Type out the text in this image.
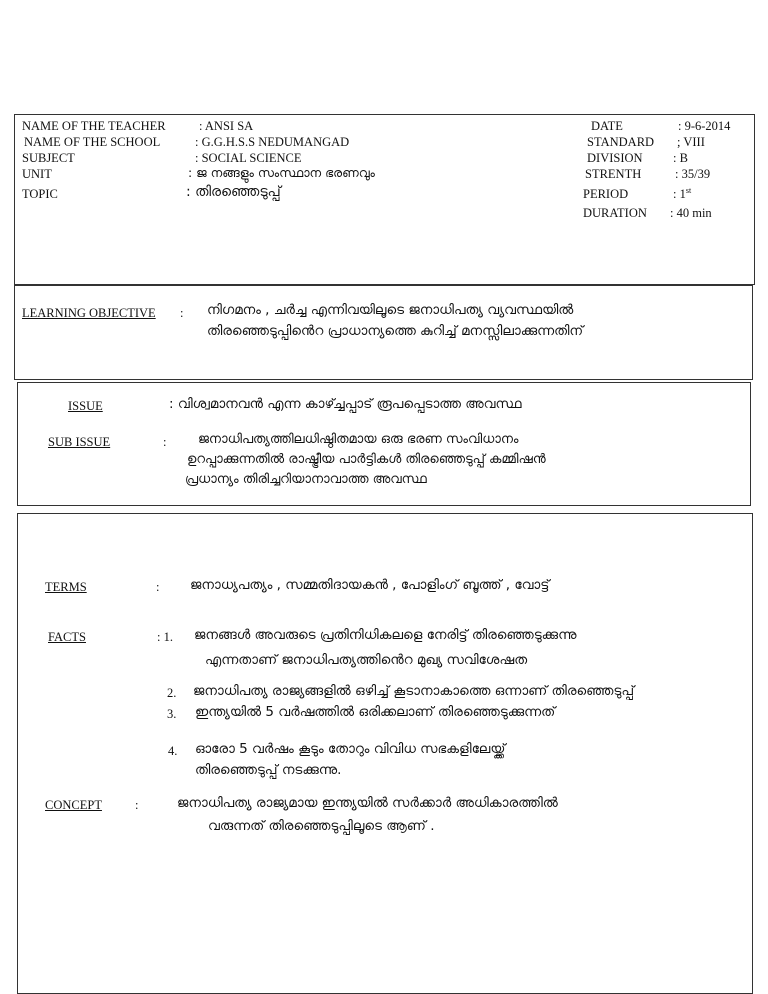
NAME OF THE TEACHER	: ANSI SA
NAME OF THE SCHOOL	: G.G.H.S.S NEDUMANGAD
SUBJECT	: SOCIAL SCIENCE
UNIT	: ജ നങ്ങളും സംസ്ഥാന ഭരണവും
TOPIC	: തിരഞ്ഞെടുപ്പ്
DATE	: 9-6-2014
STANDARD ; VIII
DIVISION : B
STRENTH	: 35/39
PERIOD	: 1st
DURATION : 40 min
LEARNING OBJECTIVE : നിഗമനം , ചർച്ച എന്നിവയിലൂടെ ജനാധിപത്യ വ്യവസ്ഥയിൽ
തിരഞ്ഞെടുപ്പിൻെറ പ്രാധാന്യത്തെ കുറിച്ച് മനസ്സിലാക്കുന്നതിന്
ISSUE	: വിശ്വമാനവൻ എന്ന കാഴ്ച്ചപ്പാട് രൂപപ്പെടാത്ത അവസ്ഥ
SUB ISSUE	: ജനാധിപത്യത്തിലധിഷ്ഠിതമായ ഒരു ഭരണ സംവിധാനം
ഉറപ്പാക്കുന്നതിൽ രാഷ്ട്രീയ പാർട്ടികൾ തിരഞ്ഞെടുപ്പ് കമ്മിഷൻ
പ്രധാന്യം തിരിച്ചറിയാനാവാത്ത അവസ്ഥ
TERMS	: ജനാധ്യപത്യം , സമ്മതിദായകൻ , പോളിംഗ് ബൂത്ത് , വോട്ട്
FACTS	: 1. ജനങ്ങൾ അവരുടെ പ്രതിനിധികലളെ നേരിട്ട് തിരഞ്ഞെടുക്കുന്നു
എന്നതാണ് ജനാധിപത്യത്തിൻെറ മുഖ്യ സവിശേഷത
2. ജനാധിപത്യ രാജ്യങ്ങളിൽ ഒഴിച്ച് കൂടാനാകാത്തെ ഒന്നാണ് തിരഞ്ഞെടുപ്പ്
3. ഇന്ത്യയിൽ 5 വർഷത്തിൽ ഒരിക്കലാണ് തിരഞ്ഞെടുക്കുന്നത്
4. ഓരോ 5 വർഷം കൂടും തോറും വിവിധ സഭകളിലേയ്ക്ക്
തിരഞ്ഞെടുപ്പ് നടക്കുന്നു.
CONCEPT	:	ജനാധിപത്യ രാജ്യമായ ഇന്ത്യയിൽ സർക്കാർ അധികാരത്തിൽ
വരുന്നത് തിരഞ്ഞെടുപ്പിലൂടെ ആണ് .
